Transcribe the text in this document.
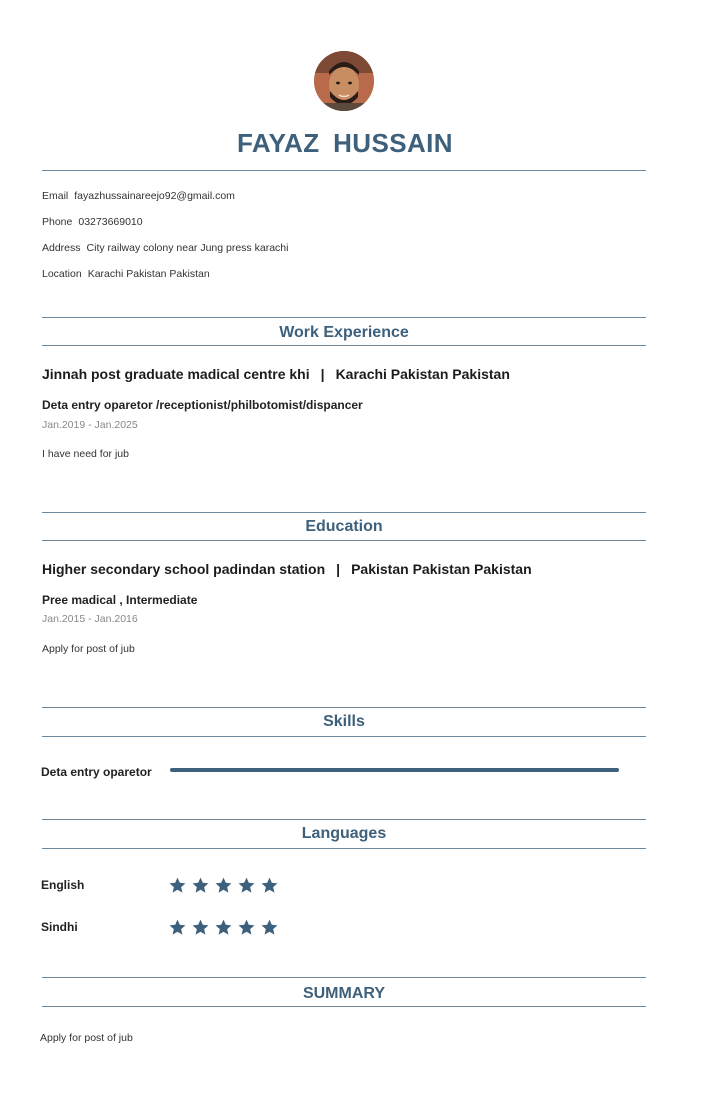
FAYAZ HUSSAIN
Email fayazhussainareejo92@gmail.com
Phone 03273669010
Address City railway colony near Jung press karachi
Location Karachi Pakistan Pakistan
Work Experience
Jinnah post graduate madical centre khi | Karachi Pakistan Pakistan
Deta entry oparetor /receptionist/philbotomist/dispancer
Jan.2019 - Jan.2025
I have need for jub
Education
Higher secondary school padindan station | Pakistan Pakistan Pakistan
Pree madical , Intermediate
Jan.2015 - Jan.2016
Apply for post of jub
Skills
Deta entry oparetor
Languages
English
Sindhi
SUMMARY
Apply for post of jub
